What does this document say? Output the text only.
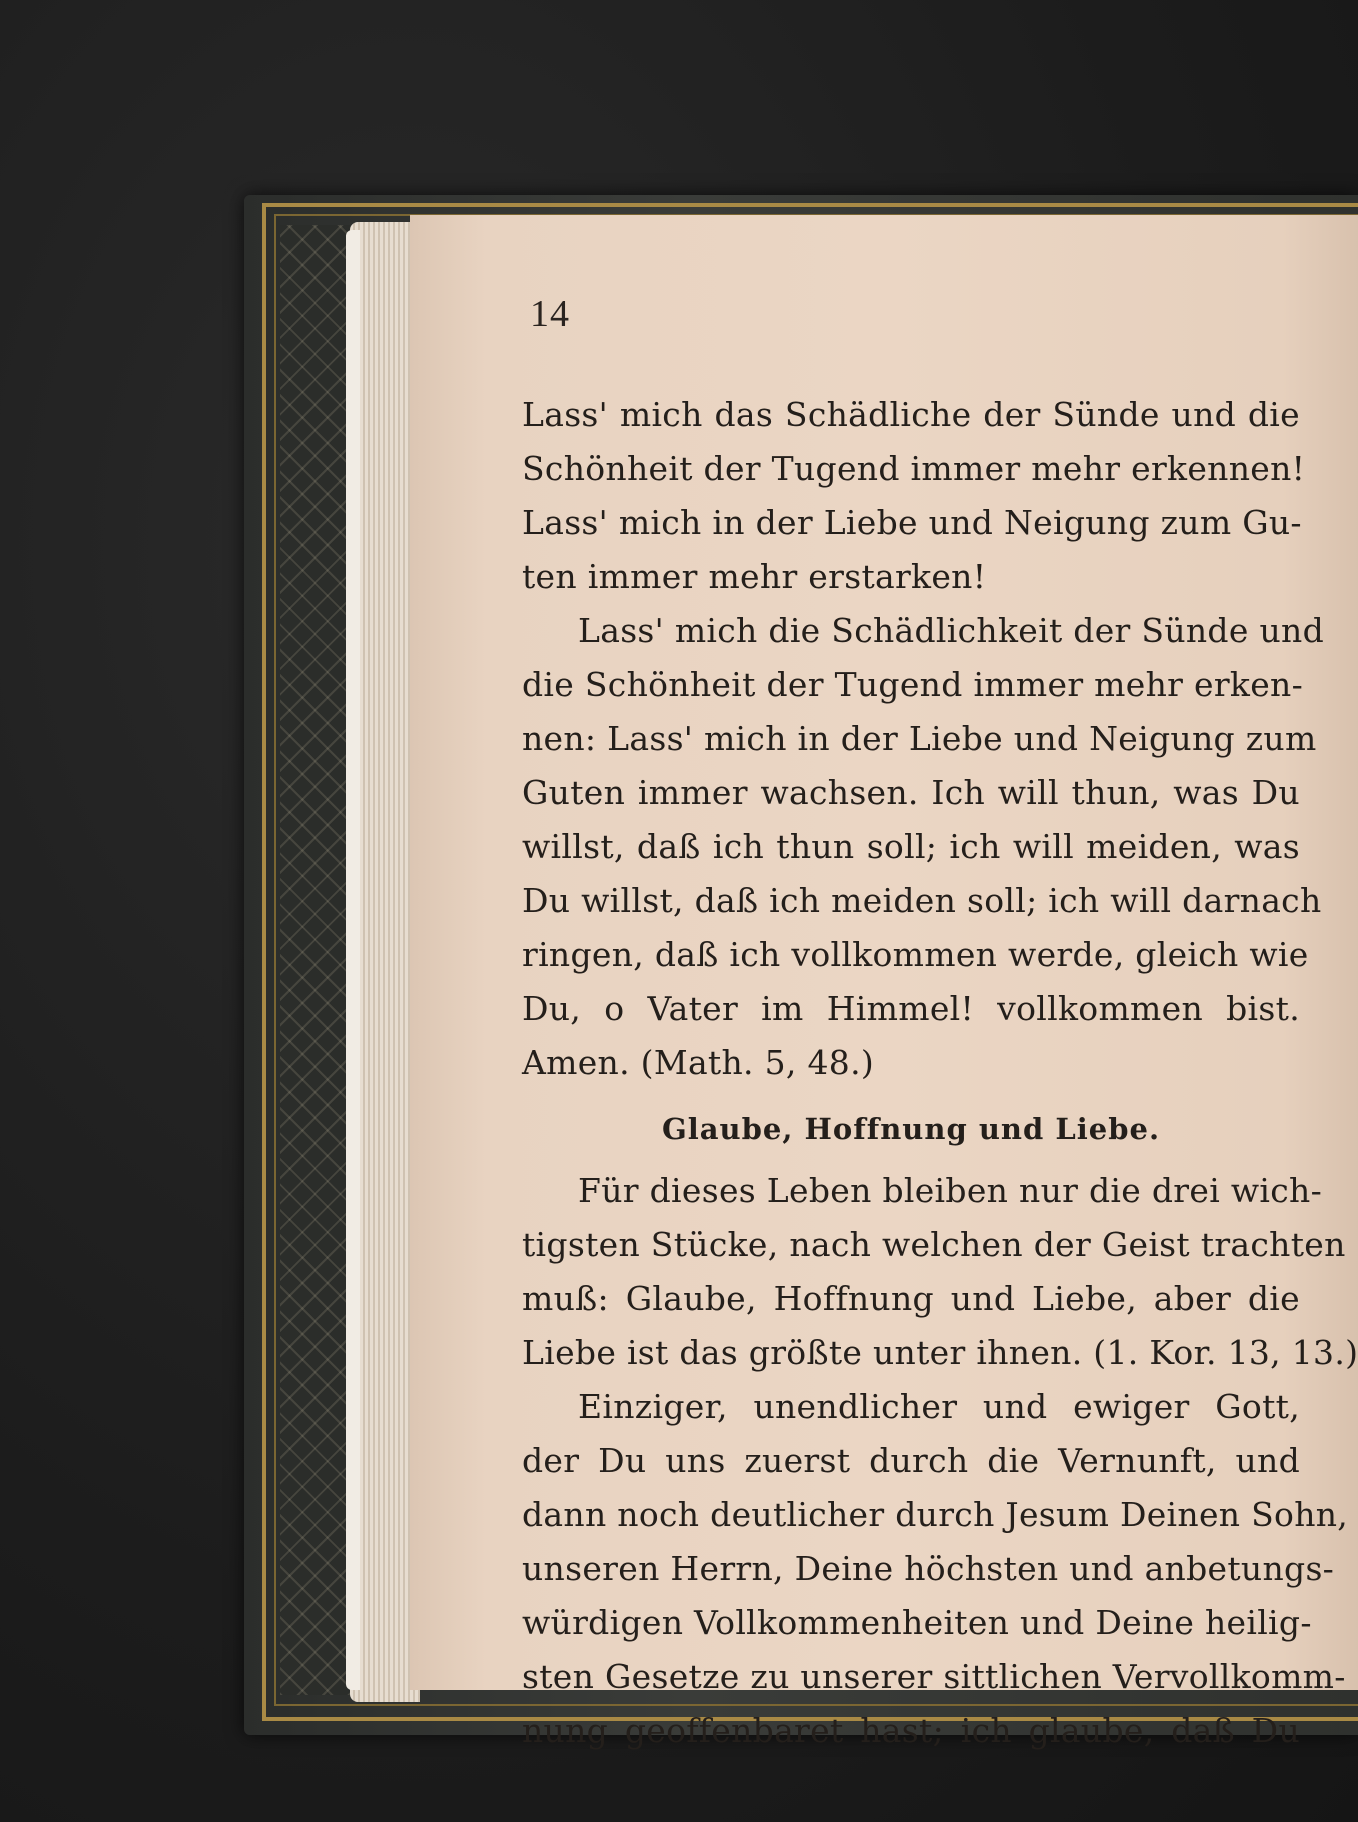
14
Lass' mich das Schädliche der Sünde und die
Schönheit der Tugend immer mehr erkennen!
Lass' mich in der Liebe und Neigung zum Gu-
ten immer mehr erstarken!
Lass' mich die Schädlichkeit der Sünde und
die Schönheit der Tugend immer mehr erken-
nen: Lass' mich in der Liebe und Neigung zum
Guten immer wachsen. Ich will thun, was Du
willst, daß ich thun soll; ich will meiden, was
Du willst, daß ich meiden soll; ich will darnach
ringen, daß ich vollkommen werde, gleich wie
Du, o Vater im Himmel! vollkommen bist.
Amen. (Math. 5, 48.)
Glaube, Hoffnung und Liebe.
Für dieses Leben bleiben nur die drei wich-
tigsten Stücke, nach welchen der Geist trachten
muß: Glaube, Hoffnung und Liebe, aber die
Liebe ist das größte unter ihnen. (1. Kor. 13, 13.)
Einziger, unendlicher und ewiger Gott,
der Du uns zuerst durch die Vernunft, und
dann noch deutlicher durch Jesum Deinen Sohn,
unseren Herrn, Deine höchsten und anbetungs-
würdigen Vollkommenheiten und Deine heilig-
sten Gesetze zu unserer sittlichen Vervollkomm-
nung geoffenbaret hast; ich glaube, daß Du
